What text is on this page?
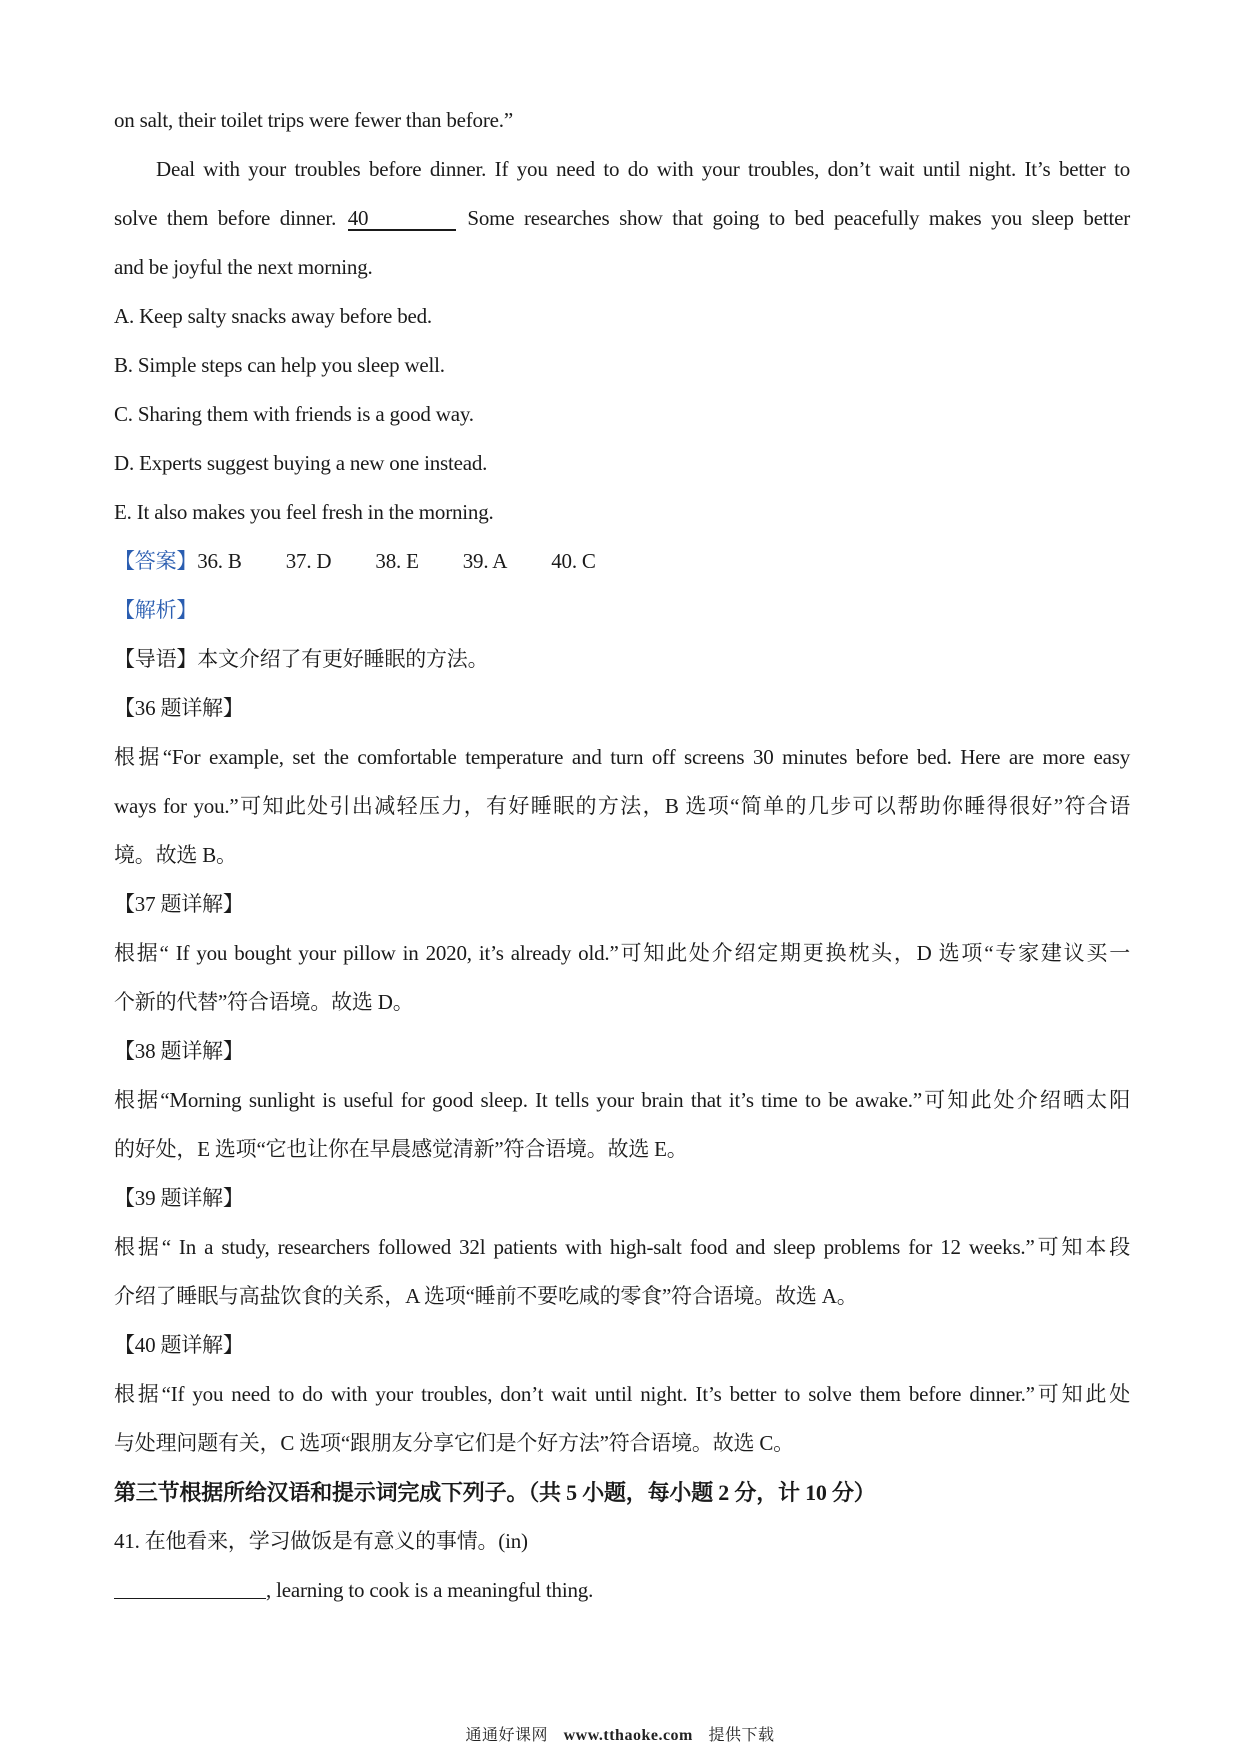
on salt, their toilet trips were fewer than before.”
Deal with your troubles before dinner. If you need to do with your troubles, don’t wait until night. It’s better to
solve them before dinner. 40	Some researches show that going to bed peacefully makes you sleep better
and be joyful the next morning.
A. Keep salty snacks away before bed.
B. Simple steps can help you sleep well.
C. Sharing them with friends is a good way.
D. Experts suggest buying a new one instead.
E. It also makes you feel fresh in the morning.
【答案】36. B 37. D 38. E 39. A 40. C
【解析】
【导语】本文介绍了有更好睡眠的方法。
【36 题详解】
根据“For example, set the comfortable temperature and turn off screens 30 minutes before bed. Here are more easy
ways for you.”可知此处引出减轻压力，有好睡眠的方法，B 选项“简单的几步可以帮助你睡得很好”符合语
境。故选 B。
【37 题详解】
根据“ If you bought your pillow in 2020, it’s already old.”可知此处介绍定期更换枕头，D 选项“专家建议买一
个新的代替”符合语境。故选 D。
【38 题详解】
根据“Morning sunlight is useful for good sleep. It tells your brain that it’s time to be awake.”可知此处介绍晒太阳
的好处，E 选项“它也让你在早晨感觉清新”符合语境。故选 E。
【39 题详解】
根据“ In a study, researchers followed 32l patients with high-salt food and sleep problems for 12 weeks.”可知本段
介绍了睡眠与高盐饮食的关系，A 选项“睡前不要吃咸的零食”符合语境。故选 A。
【40 题详解】
根据“If you need to do with your troubles, don’t wait until night. It’s better to solve them before dinner.”可知此处
与处理问题有关，C 选项“跟朋友分享它们是个好方法”符合语境。故选 C。
第三节根据所给汉语和提示词完成下列子。（共 5 小题，每小题 2 分，计 10 分）
41. 在他看来，学习做饭是有意义的事情。(in)
, learning to cook is a meaningful thing.
通通好课网 www.tthaoke.com 提供下载
